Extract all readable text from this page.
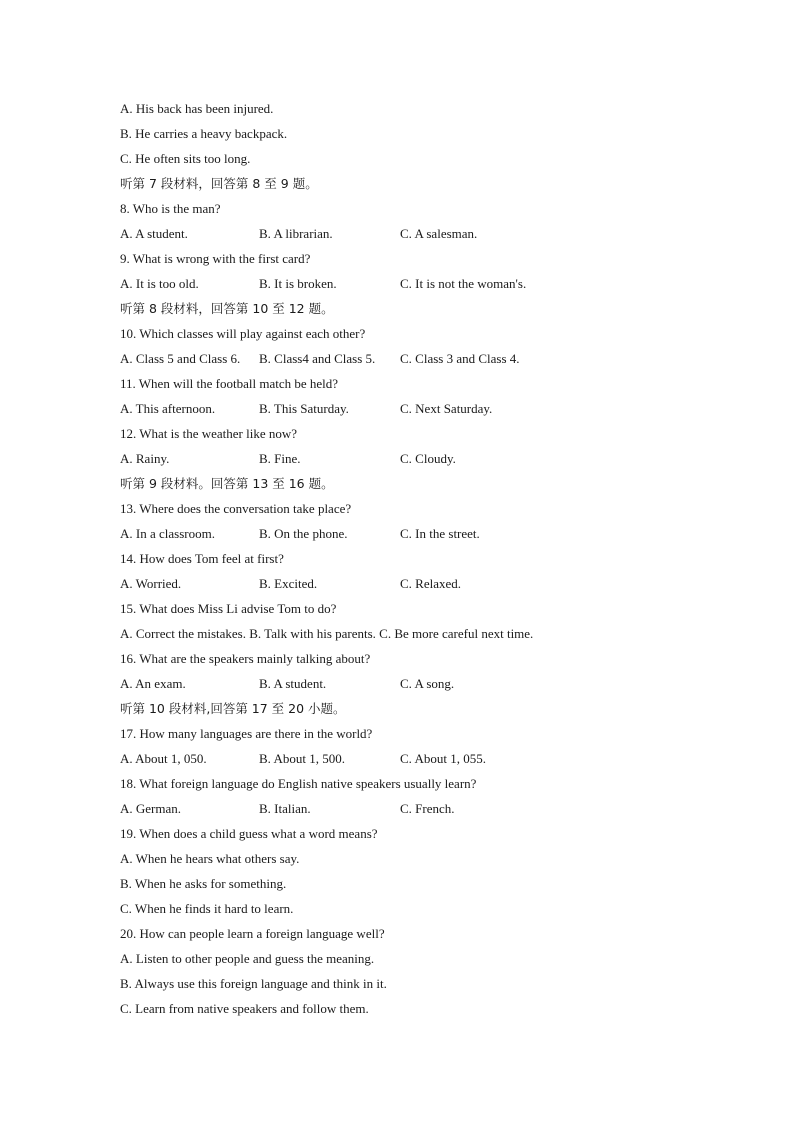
A. His back has been injured.
B. He carries a heavy backpack.
C. He often sits too long.
听第 7 段材料，回答第 8 至 9 题。
8. Who is the man?
A. A student.	B. A librarian.	C. A salesman.
9. What is wrong with the first card?
A. It is too old.	B. It is broken.	C. It is not the woman's.
听第 8 段材料，回答第 10 至 12 题。
10. Which classes will play against each other?
A. Class 5 and Class 6. B. Class4 and Class 5. C. Class 3 and Class 4.
11. When will the football match be held?
A. This afternoon.	B. This Saturday.	C. Next Saturday.
12. What is the weather like now?
A. Rainy.	B. Fine.	C. Cloudy.
听第 9 段材料。回答第 13 至 16 题。
13. Where does the conversation take place?
A. In a classroom.	B. On the phone.	C. In the street.
14. How does Tom feel at first?
A. Worried.	B. Excited.	C. Relaxed.
15. What does Miss Li advise Tom to do?
A. Correct the mistakes. B. Talk with his parents. C. Be more careful next time.
16. What are the speakers mainly talking about?
A. An exam.	B. A student.	C. A song.
听第 10 段材料,回答第 17 至 20 小题。
17. How many languages are there in the world?
A. About 1, 050.	B. About 1, 500.	C. About 1, 055.
18. What foreign language do English native speakers usually learn?
A. German.	B. Italian.	C. French.
19. When does a child guess what a word means?
A. When he hears what others say.
B. When he asks for something.
C. When he finds it hard to learn.
20. How can people learn a foreign language well?
A. Listen to other people and guess the meaning.
B. Always use this foreign language and think in it.
C. Learn from native speakers and follow them.
